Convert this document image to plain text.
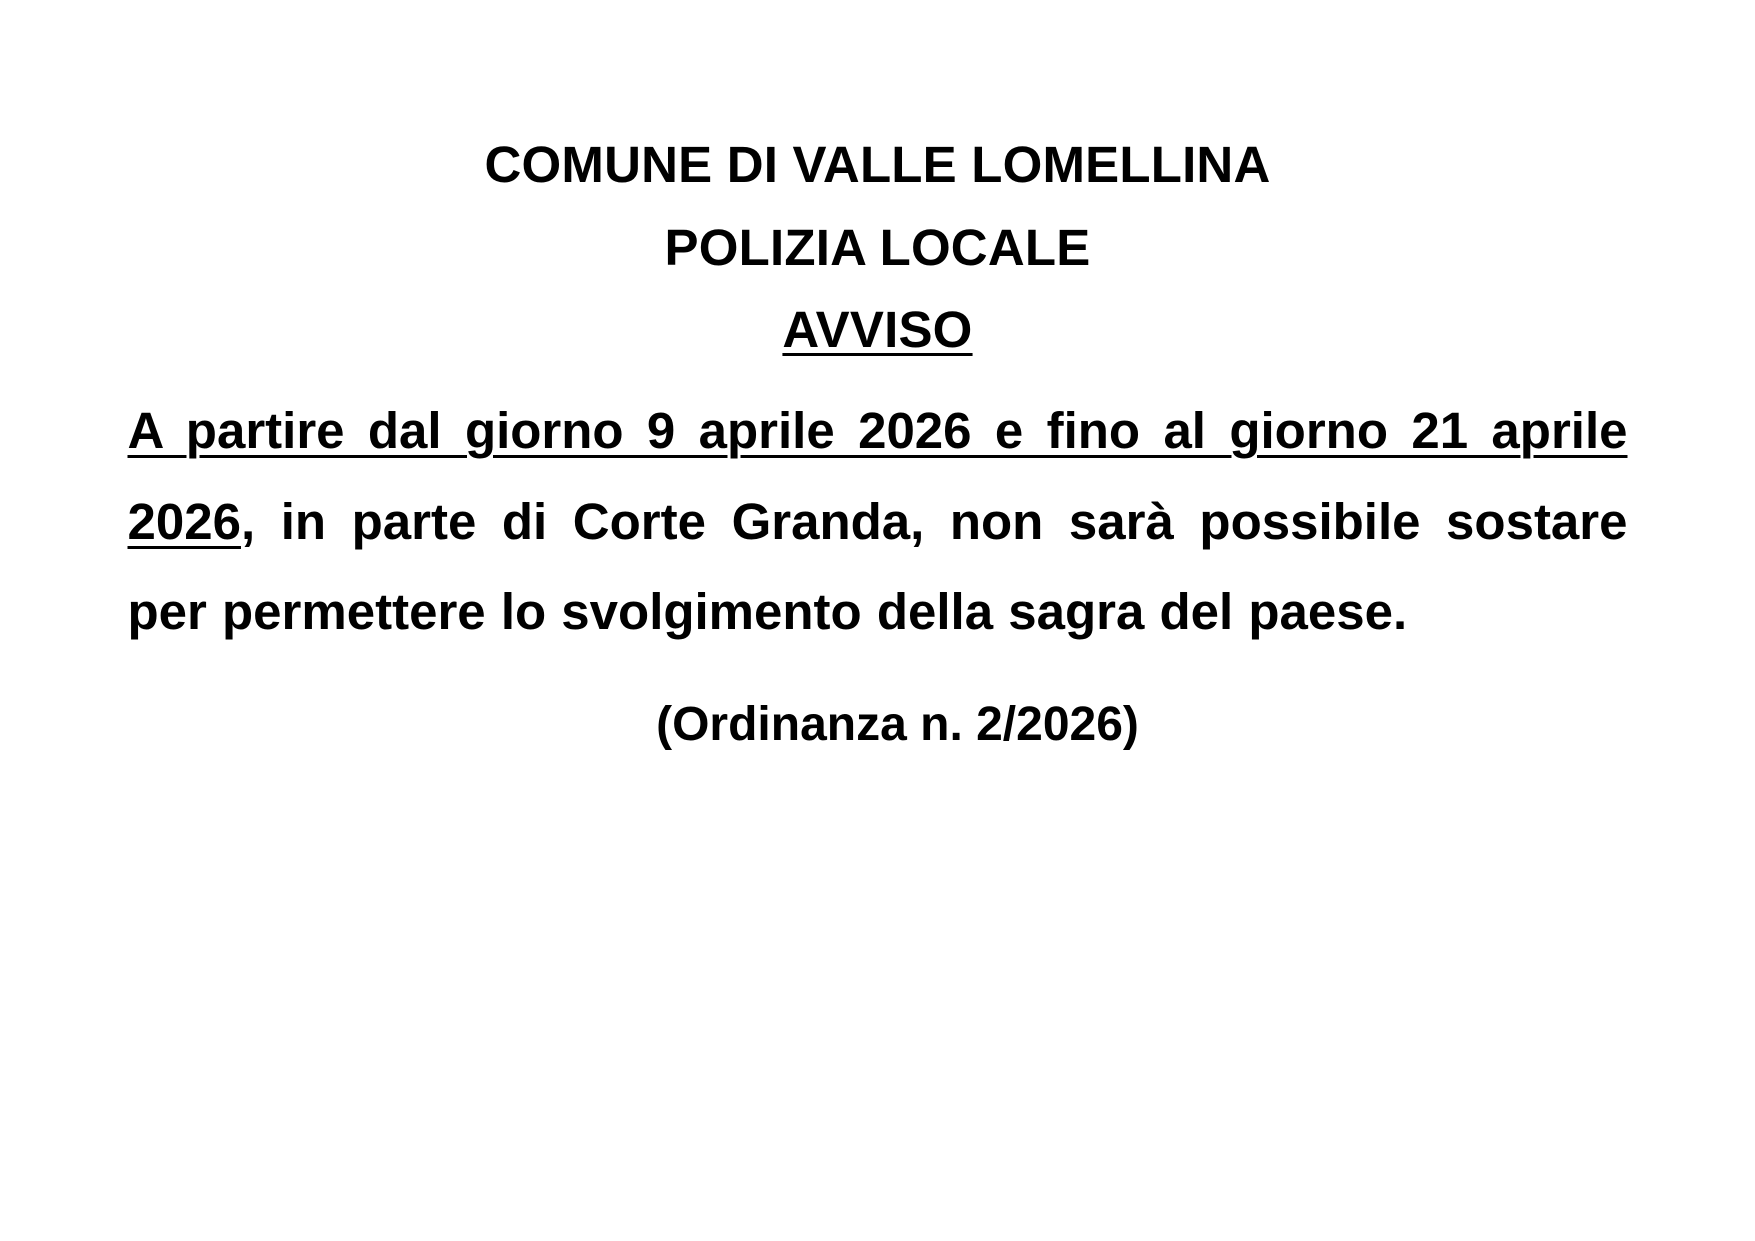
COMUNE DI VALLE LOMELLINA
POLIZIA LOCALE
AVVISO
A partire dal giorno 9 aprile 2026 e fino al giorno 21 aprile 2026, in parte di Corte Granda, non sarà possibile sostare per permettere lo svolgimento della sagra del paese.
(Ordinanza n. 2/2026)
